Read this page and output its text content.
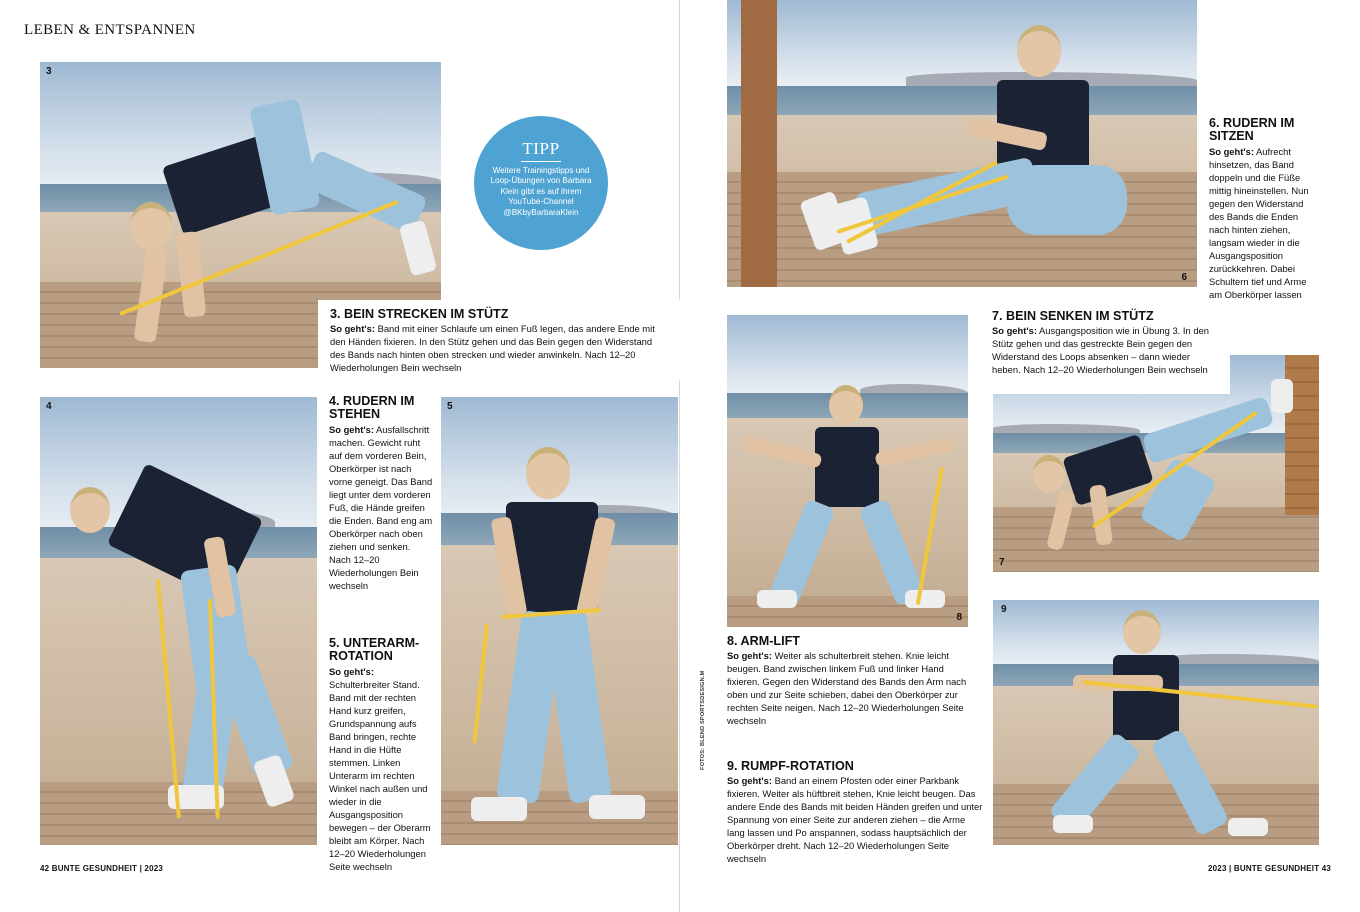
LEBEN & ENTSPANNEN
3
3. BEIN STRECKEN IM STÜTZ

So geht's: Band mit einer Schlaufe um einen Fuß legen, das andere Ende mit den Händen fixieren. In den Stütz gehen und das Bein gegen den Widerstand des Bands nach hinten oben strecken und wieder anwinkeln. Nach 12–20 Wiederholungen Bein wechseln

TIPP
Weitere Trainingstipps und Loop-Übungen von Barbara Klein gibt es auf ihrem YouTube-Channel @BKbyBarbaraKlein
4	4. RUDERN IM STEHEN

So geht's: Ausfallschritt machen. Gewicht ruht auf dem vorderen Bein, Oberkörper ist nach vorne geneigt. Das Band liegt unter dem vorderen Fuß, die Hände greifen die Enden. Band eng am Oberkörper nach oben ziehen und senken. Nach 12–20 Wiederholungen Bein wechseln

5. UNTERARM-ROTATION

So geht's: Schulterbreiter Stand. Band mit der rechten Hand kurz greifen, Grundspannung aufs Band bringen, rechte Hand in die Hüfte stemmen. Linken Unterarm im rechten Winkel nach außen und wieder in die Ausgangsposition bewegen – der Oberarm bleibt am Körper. Nach 12–20 Wiederholungen Seite wechseln

5
6
6. RUDERN IM SITZEN

So geht's: Aufrecht hinsetzen, das Band doppeln und die Füße mittig hineinstellen. Nun gegen den Widerstand des Bands die Enden nach hinten ziehen, langsam wieder in die Ausgangsposition zurückkehren. Dabei Schultern tief und Arme am Oberkörper lassen

8
7
7. BEIN SENKEN IM STÜTZ

So geht's: Ausgangsposition wie in Übung 3. In den Stütz gehen und das gestreckte Bein gegen den Widerstand des Loops absenken – dann wieder heben. Nach 12–20 Wiederholungen Bein wechseln

8. ARM-LIFT

So geht's: Weiter als schulterbreit stehen. Knie leicht beugen. Band zwischen linkem Fuß und linker Hand fixieren. Gegen den Widerstand des Bands den Arm nach oben und zur Seite schieben, dabei den Oberkörper zur rechten Seite neigen. Nach 12–20 Wiederholungen Seite wechseln

9. RUMPF-ROTATION

So geht's: Band an einem Pfosten oder einer Parkbank fixieren. Weiter als hüftbreit stehen, Knie leicht beugen. Das andere Ende des Bands mit beiden Händen greifen und unter Spannung von einer Seite zur anderen ziehen – die Arme lang lassen und Po anspannen, sodass hauptsächlich der Oberkörper dreht. Nach 12–20 Wiederholungen Seite wechseln

9
42 BUNTE GESUNDHEIT | 2023	2023 | BUNTE GESUNDHEIT 43
FOTOS: BLEND SPORTSDESIGN.M
